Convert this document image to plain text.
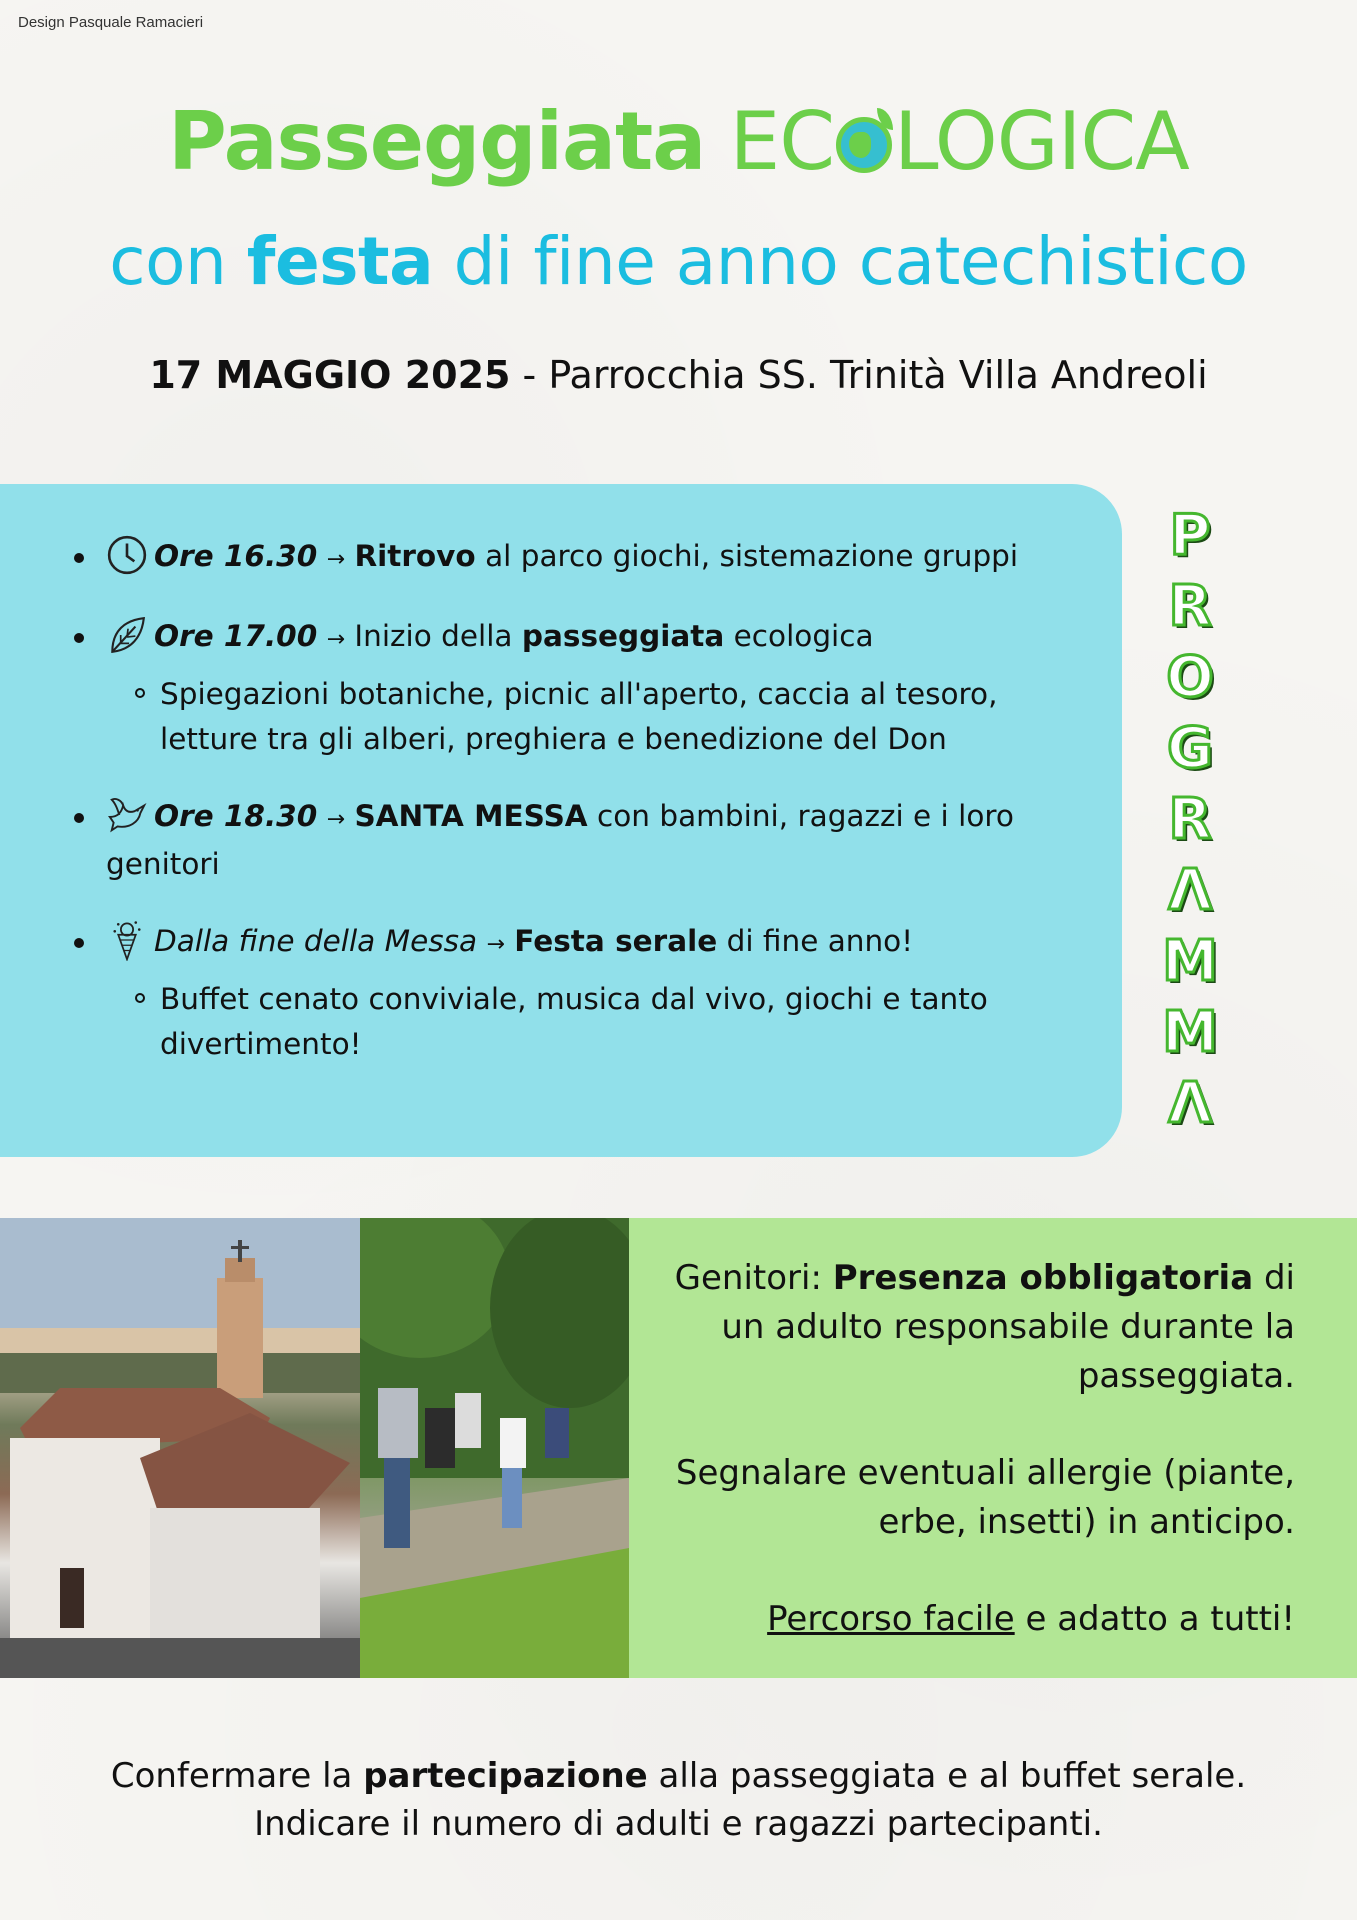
Design Pasquale Ramacieri
Passeggiata EC LOGICA
con festa di fine anno catechistico
17 MAGGIO 2025 - Parrocchia SS. Trinità Villa Andreoli
Ore 16.30 → Ritrovo al parco giochi, sistemazione gruppi
Ore 17.00 → Inizio della passeggiata ecologica
Spiegazioni botaniche, picnic all'aperto, caccia al tesoro, letture tra gli alberi, preghiera e benedizione del Don
Ore 18.30 → SANTA MESSA con bambini, ragazzi e i loro genitori
Dalla fine della Messa → Festa serale di fine anno!
Buffet cenato conviviale, musica dal vivo, giochi e tanto divertimento!
P
R
O
G
R
Λ
M
M
Λ

Genitori: Presenza obbligatoria di un adulto responsabile durante la passeggiata.

Segnalare eventuali allergie (piante, erbe, insetti) in anticipo.

Percorso facile e adatto a tutti!

Confermare la partecipazione alla passeggiata e al buffet serale.
Indicare il numero di adulti e ragazzi partecipanti.
